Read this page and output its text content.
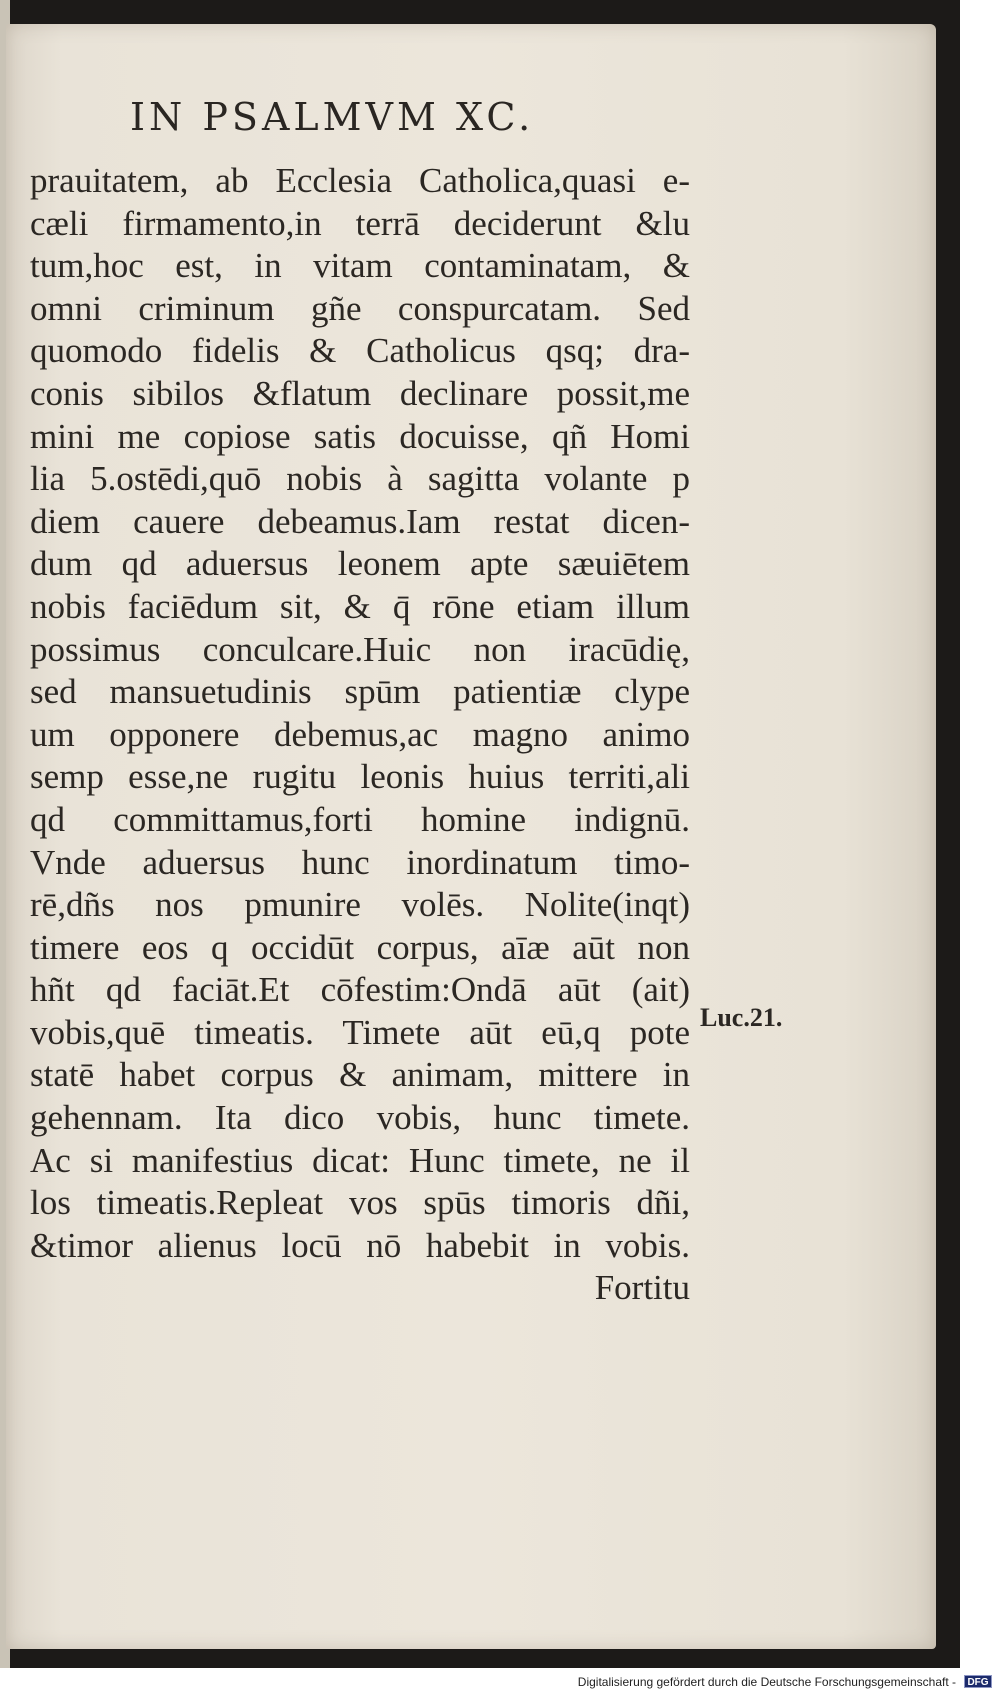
IN PSALMVM XC.
prauitatem, ab Ecclesia Catholica,quasi e-
cæli firmamento,in terrā deciderunt &lu
tum,hoc est, in vitam contaminatam, &
omni criminum gñe conspurcatam. Sed
quomodo fidelis & Catholicus qsq; dra-
conis sibilos &flatum declinare possit,me
mini me copiose satis docuisse, qñ Homi
lia 5.ostēdi,quō nobis à sagitta volante p
diem cauere debeamus.Iam restat dicen-
dum qd aduersus leonem apte sæuiētem
nobis faciēdum sit, & q̄ rōne etiam illum
possimus conculcare.Huic non iracūdię,
sed mansuetudinis spūm patientiæ clype
um opponere debemus,ac magno animo
semp esse,ne rugitu leonis huius territi,ali
qd committamus,forti homine indignū.
Vnde aduersus hunc inordinatum timo-
rē,dñs nos pmunire volēs. Nolite(inqt)
timere eos q occidūt corpus, aīæ aūt non
hñt qd faciāt.Et cōfestim:Ondā aūt (ait)
vobis,quē timeatis. Timete aūt eū,q pote
statē habet corpus & animam, mittere in
gehennam. Ita dico vobis, hunc timete.
Ac si manifestius dicat: Hunc timete, ne il
los timeatis.Repleat vos spūs timoris dñi,
&timor alienus locū nō habebit in vobis.
Fortitu
Luc.21.
Digitalisierung gefördert durch die Deutsche Forschungsgemeinschaft -	DFG
